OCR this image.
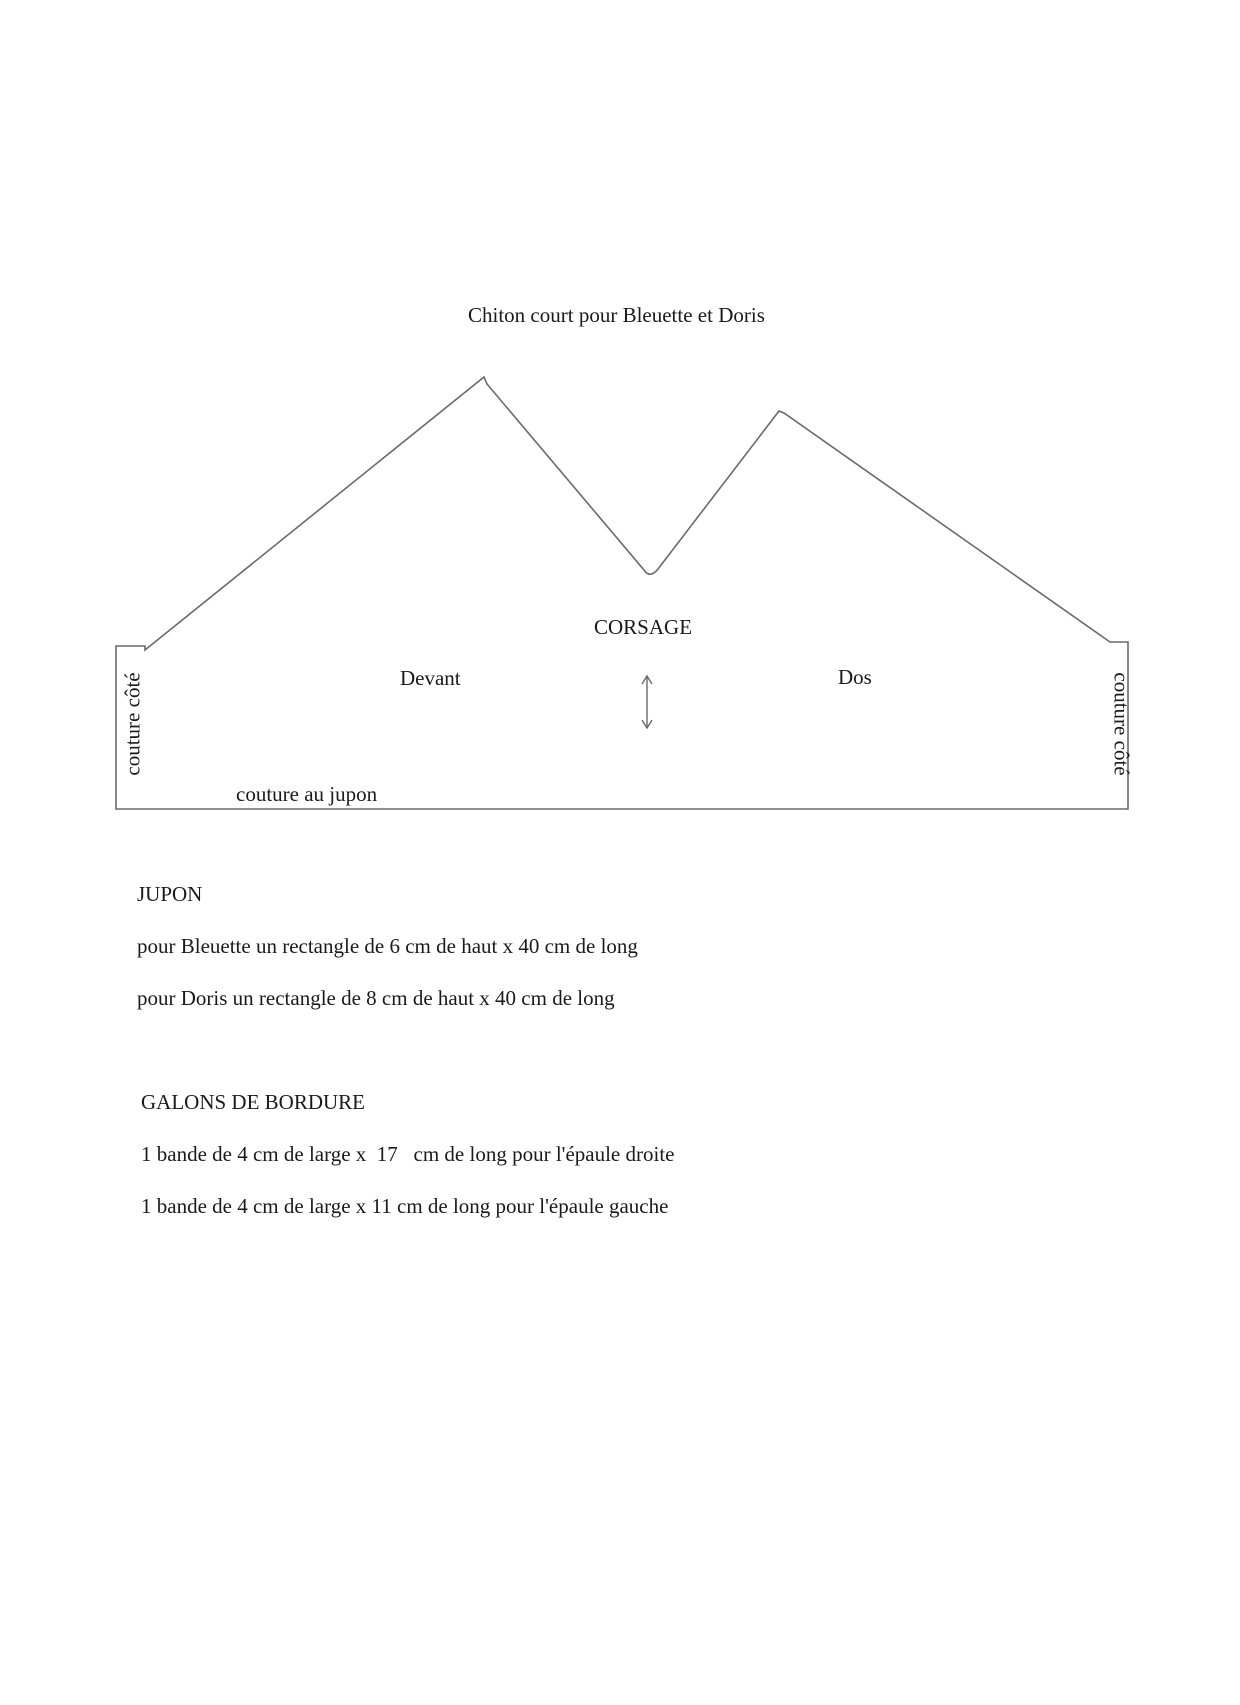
Chiton court pour Bleuette et Doris
CORSAGE
Devant	Dos
couture au jupon
couture côté	couture côté
JUPON
pour Bleuette un rectangle de 6 cm de haut x 40 cm de long
pour Doris un rectangle de 8 cm de haut x 40 cm de long
GALONS DE BORDURE
1 bande de 4 cm de large x  17   cm de long pour l'épaule droite
1 bande de 4 cm de large x 11 cm de long pour l'épaule gauche
